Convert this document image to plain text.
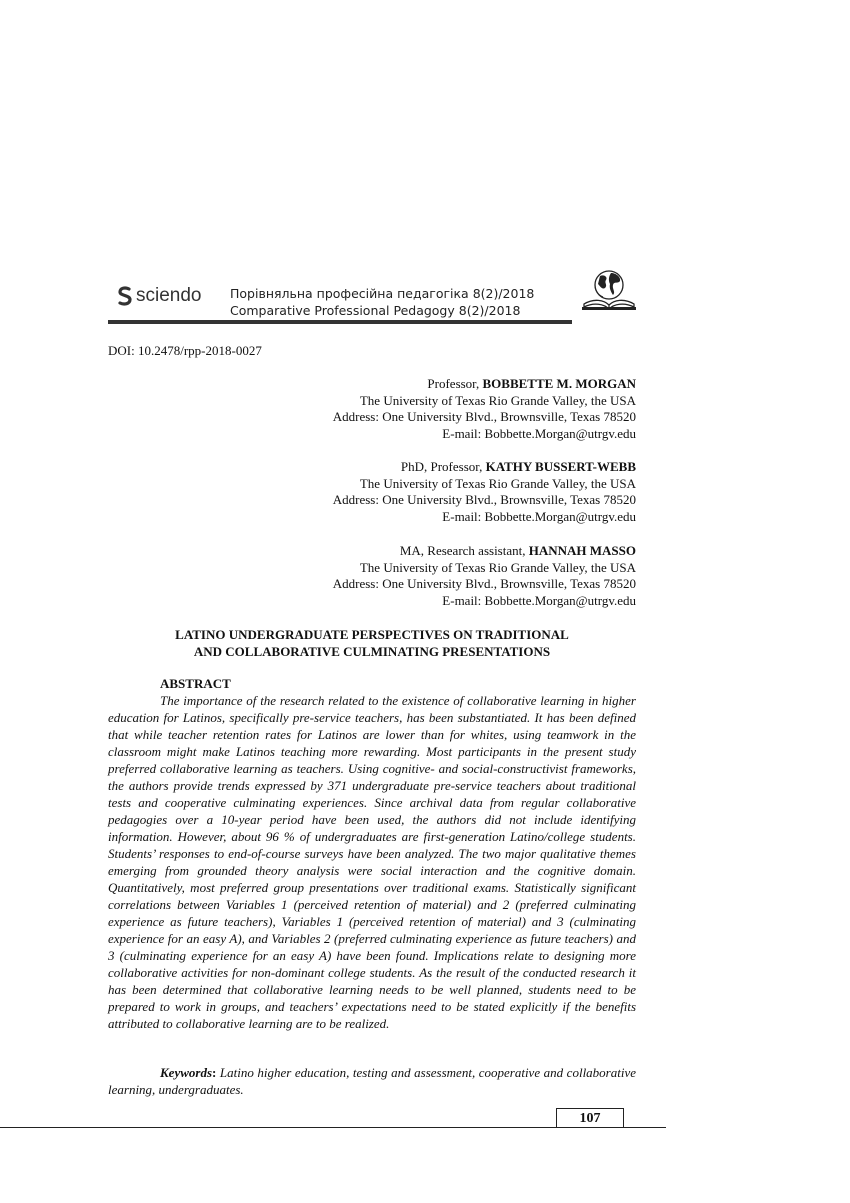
sciendo Порівняльна професійна педагогіка 8(2)/2018
Comparative Professional Pedagogy 8(2)/2018
DOI: 10.2478/rpp-2018-0027
Professor, BOBBETTE M. MORGAN
The University of Texas Rio Grande Valley, the USA
Address: One University Blvd., Brownsville, Texas 78520
E-mail: Bobbette.Morgan@utrgv.edu
PhD, Professor, KATHY BUSSERT-WEBB
The University of Texas Rio Grande Valley, the USA
Address: One University Blvd., Brownsville, Texas 78520
E-mail: Bobbette.Morgan@utrgv.edu
MA, Research assistant, HANNAH MASSO
The University of Texas Rio Grande Valley, the USA
Address: One University Blvd., Brownsville, Texas 78520
E-mail: Bobbette.Morgan@utrgv.edu
LATINO UNDERGRADUATE PERSPECTIVES ON TRADITIONAL
AND COLLABORATIVE CULMINATING PRESENTATIONS
ABSTRACT
The importance of the research related to the existence of collaborative learning in higher education for Latinos, specifically pre-service teachers, has been substantiated. It has been defined that while teacher retention rates for Latinos are lower than for whites, using teamwork in the classroom might make Latinos teaching more rewarding. Most participants in the present study preferred collaborative learning as teachers. Using cognitive- and social-constructivist frameworks, the authors provide trends expressed by 371 undergraduate pre-service teachers about traditional tests and cooperative culminating experiences. Since archival data from regular collaborative pedagogies over a 10-year period have been used, the authors did not include identifying information. However, about 96 % of undergraduates are first-generation Latino/college students. Students’ responses to end-of-course surveys have been analyzed. The two major qualitative themes emerging from grounded theory analysis were social interaction and the cognitive domain. Quantitatively, most preferred group presentations over traditional exams. Statistically significant correlations between Variables 1 (perceived retention of material) and 2 (preferred culminating experience as future teachers), Variables 1 (perceived retention of material) and 3 (culminating experience for an easy A), and Variables 2 (preferred culminating experience as future teachers) and 3 (culminating experience for an easy A) have been found. Implications relate to designing more collaborative activities for non-dominant college students. As the result of the conducted research it has been determined that collaborative learning needs to be well planned, students need to be prepared to work in groups, and teachers’ expectations need to be stated explicitly if the benefits attributed to collaborative learning are to be realized.
Keywords: Latino higher education, testing and assessment, cooperative and collaborative learning, undergraduates.
107
